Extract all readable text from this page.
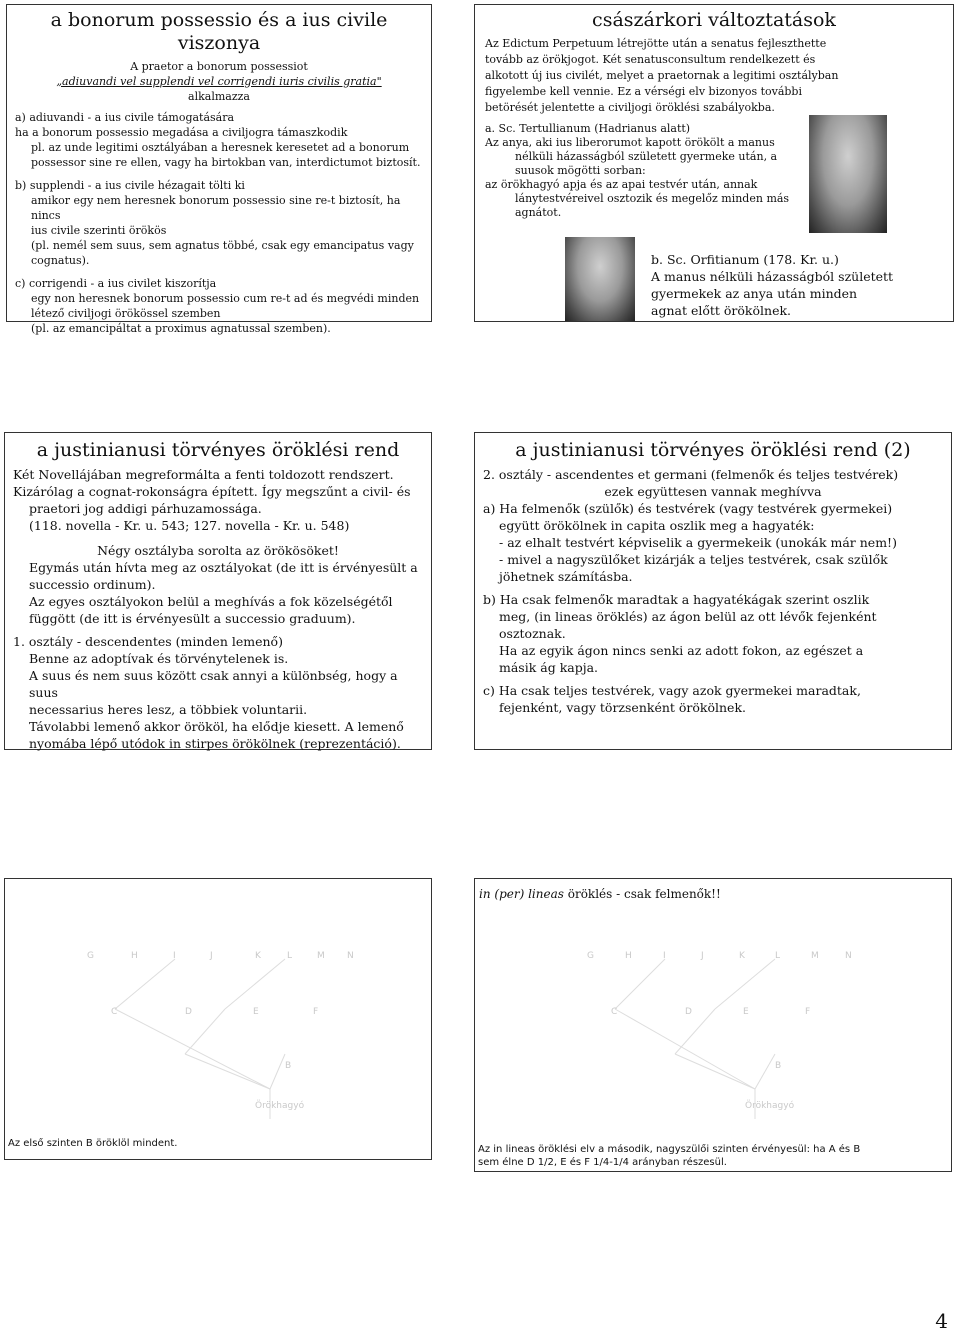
a bonorum possessio és a ius civile viszonya

A praetor a bonorum possessiot

„adiuvandi vel supplendi vel corrigendi iuris civilis gratia"

alkalmazza

a) adiuvandi - a ius civile támogatására

ha a bonorum possessio megadása a civiljogra támaszkodik

pl. az unde legitimi osztályában a heresnek keresetet ad a bonorum

possessor sine re ellen, vagy ha birtokban van, interdictumot biztosít.

b) supplendi - a ius civile hézagait tölti ki

amikor egy nem heresnek bonorum possessio sine re-t biztosít, ha nincs

ius civile szerinti örökös

(pl. nemél sem suus, sem agnatus többé, csak egy emancipatus vagy

cognatus).

c) corrigendi - a ius civilet kiszorítja

egy non heresnek bonorum possessio cum re-t ad és megvédi minden

létező civiljogi örökössel szemben

(pl. az emancipáltat a proximus agnatussal szemben).

császárkori változtatások

Az Edictum Perpetuum létrejötte után a senatus fejleszthette

tovább az örökjogot. Két senatusconsultum rendelkezett és

alkotott új ius civilét, melyet a praetornak a legitimi osztályban

figyelembe kell vennie. Ez a vérségi elv bizonyos további

betörését jelentette a civiljogi öröklési szabályokba.

a. Sc. Tertullianum (Hadrianus alatt)

Az anya, aki ius liberorumot kapott örökölt a manus

nélküli házasságból született gyermeke után, a

suusok mögötti sorban:

az örökhagyó apja és az apai testvér után, annak

lánytestvéreivel osztozik és megelőz minden más

agnátot.

b. Sc. Orfitianum (178. Kr. u.)

A manus nélküli házasságból született

gyermekek az anya után minden

agnat előtt örökölnek.

a justinianusi törvényes öröklési rend

Két Novellájában megreformálta a fenti toldozott rendszert.

Kizárólag a cognat-rokonságra épített. Így megszűnt a civil- és

praetori jog addigi párhuzamossága.

(118. novella - Kr. u. 543; 127. novella - Kr. u. 548)

Négy osztályba sorolta az örökösöket!

Egymás után hívta meg az osztályokat (de itt is érvényesült a

successio ordinum).

Az egyes osztályokon belül a meghívás a fok közelségétől

függött (de itt is érvényesült a successio graduum).

1. osztály - descendentes (minden lemenő)

Benne az adoptívak és törvénytelenek is.

A suus és nem suus között csak annyi a különbség, hogy a suus

necessarius heres lesz, a többiek voluntarii.

Távolabbi lemenő akkor örököl, ha elődje kiesett. A lemenő

nyomába lépő utódok in stirpes örökölnek (reprezentáció).

a justinianusi törvényes öröklési rend (2)

2. osztály - ascendentes et germani (felmenők és teljes testvérek)

ezek együttesen vannak meghívva

a) Ha felmenők (szülők) és testvérek (vagy testvérek gyermekei)

együtt örökölnek in capita oszlik meg a hagyaték:

- az elhalt testvért képviselik a gyermekeik (unokák már nem!)

- mivel a nagyszülőket kizárják a teljes testvérek, csak szülők

jöhetnek számításba.

b) Ha csak felmenők maradtak a hagyatékágak szerint oszlik

meg, (in lineas öröklés) az ágon belül az ott lévők fejenként

osztoznak.

Ha az egyik ágon nincs senki az adott fokon, az egészet a

másik ág kapja.

c) Ha csak teljes testvérek, vagy azok gyermekei maradtak,

fejenként, vagy törzsenként örökölnek.

G	H	I	J	K	L	M N
C	D	E	F
B
Örökhagyó
Az első szinten B öröklöl mindent.
in (per) lineas öröklés - csak felmenők!!
G	H	I	J	K	L	M	N
C	D	E	F
B
Örökhagyó

Az in lineas öröklési elv a második, nagyszülői szinten érvényesül: ha A és B

sem élne D 1/2, E és F 1/4-1/4 arányban részesül.

4
